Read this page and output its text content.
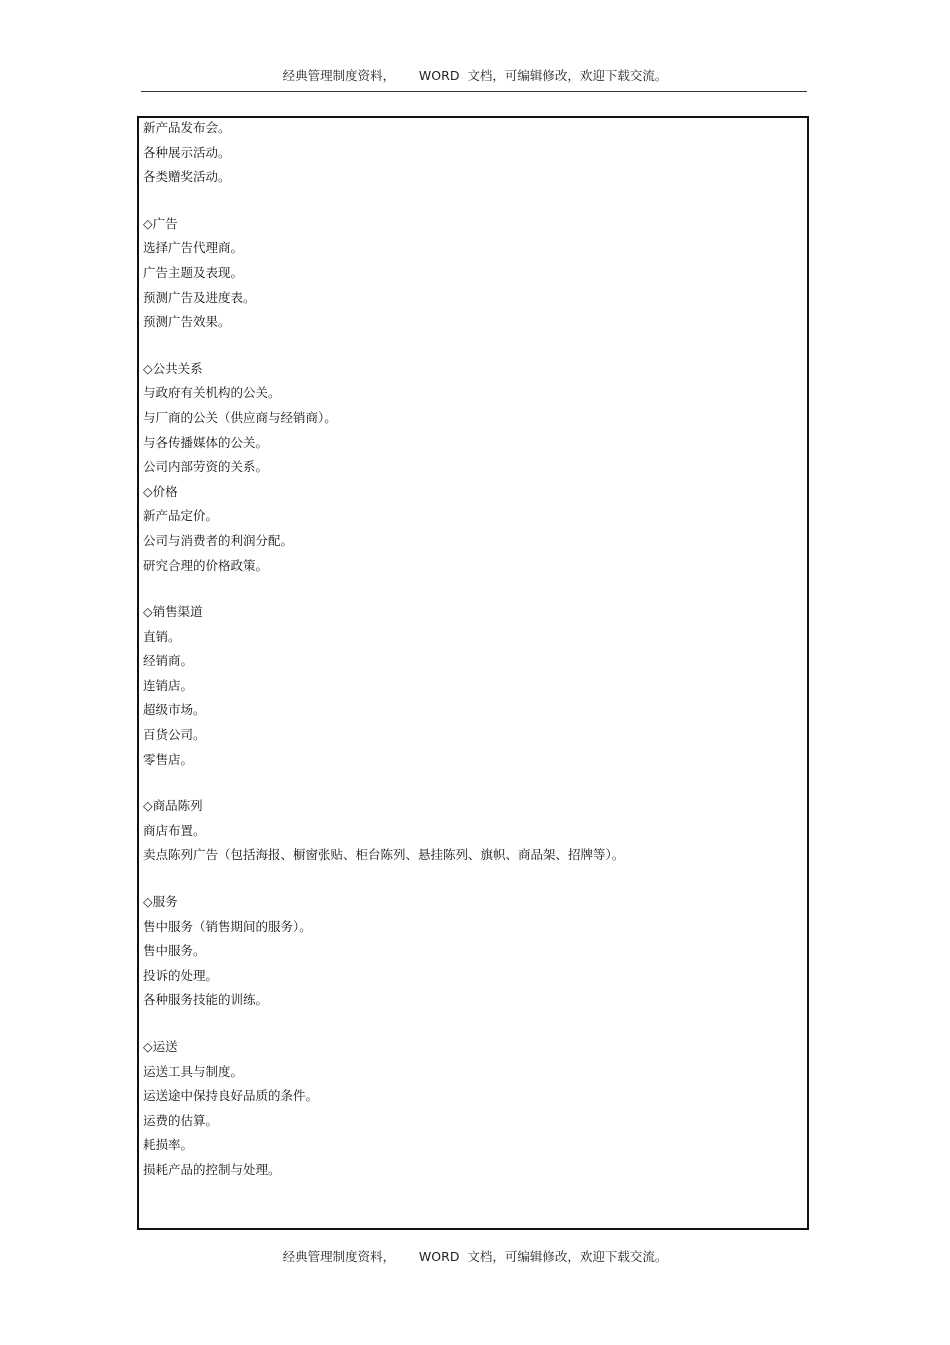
经典管理制度资料，      WORD  文档，可编辑修改，欢迎下载交流。
新产品发布会。
各种展示活动。
各类赠奖活动。
◇广告
选择广告代理商。
广告主题及表现。
预测广告及进度表。
预测广告效果。
◇公共关系
与政府有关机构的公关。
与厂商的公关（供应商与经销商）。
与各传播媒体的公关。
公司内部劳资的关系。
◇价格
新产品定价。
公司与消费者的利润分配。
研究合理的价格政策。
◇销售渠道
直销。
经销商。
连销店。
超级市场。
百货公司。
零售店。
◇商品陈列
商店布置。
卖点陈列广告（包括海报、橱窗张贴、柜台陈列、悬挂陈列、旗帜、商品架、招牌等）。
◇服务
售中服务（销售期间的服务）。
售中服务。
投诉的处理。
各种服务技能的训练。
◇运送
运送工具与制度。
运送途中保持良好品质的条件。
运费的估算。
耗损率。
损耗产品的控制与处理。
经典管理制度资料，      WORD  文档，可编辑修改，欢迎下载交流。
